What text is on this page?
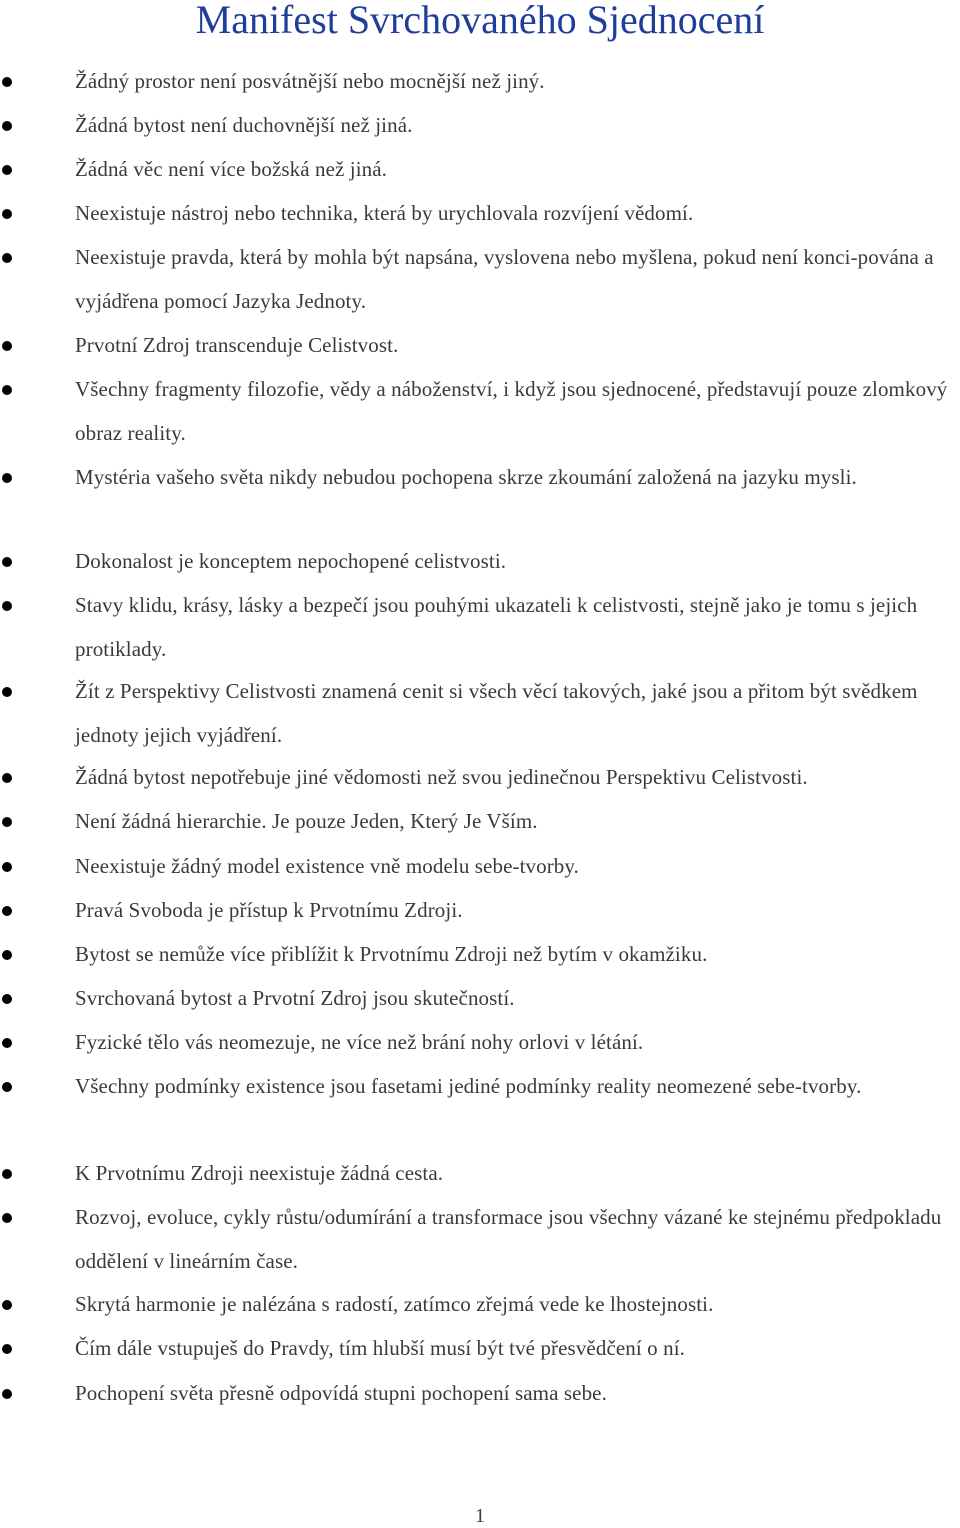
Manifest Svrchovaného Sjednocení
Žádný prostor není posvátnější nebo mocnější než jiný.
Žádná bytost není duchovnější než jiná.
Žádná věc není více božská než jiná.
Neexistuje nástroj nebo technika, která by urychlovala rozvíjení vědomí.
Neexistuje pravda, která by mohla být napsána, vyslovena nebo myšlena, pokud není konci-pována a vyjádřena pomocí Jazyka Jednoty.
Prvotní Zdroj transcenduje Celistvost.
Všechny fragmenty filozofie, vědy a náboženství, i když jsou sjednocené, představují pouze zlomkový obraz reality.
Mystéria vašeho světa nikdy nebudou pochopena skrze zkoumání založená na jazyku mysli.
Dokonalost je konceptem nepochopené celistvosti.
Stavy klidu, krásy, lásky a bezpečí jsou pouhými ukazateli k celistvosti, stejně jako je tomu s jejich protiklady.
Žít z Perspektivy Celistvosti znamená cenit si všech věcí takových, jaké jsou a přitom být svědkem jednoty jejich vyjádření.
Žádná bytost nepotřebuje jiné vědomosti než svou jedinečnou Perspektivu Celistvosti.
Není žádná hierarchie. Je pouze Jeden, Který Je Vším.
Neexistuje žádný model existence vně modelu sebe-tvorby.
Pravá Svoboda je přístup k Prvotnímu Zdroji.
Bytost se nemůže více přiblížit k Prvotnímu Zdroji než bytím v okamžiku.
Svrchovaná bytost a Prvotní Zdroj jsou skutečností.
Fyzické tělo vás neomezuje, ne více než brání nohy orlovi v létání.
Všechny podmínky existence jsou fasetami jediné podmínky reality neomezené sebe-tvorby.
K Prvotnímu Zdroji neexistuje žádná cesta.
Rozvoj, evoluce, cykly růstu/odumírání a transformace jsou všechny vázané ke stejnému předpokladu oddělení v lineárním čase.
Skrytá harmonie je nalézána s radostí, zatímco zřejmá vede ke lhostejnosti.
Čím dále vstupuješ do Pravdy, tím hlubší musí být tvé přesvědčení o ní.
Pochopení světa přesně odpovídá stupni pochopení sama sebe.
1
